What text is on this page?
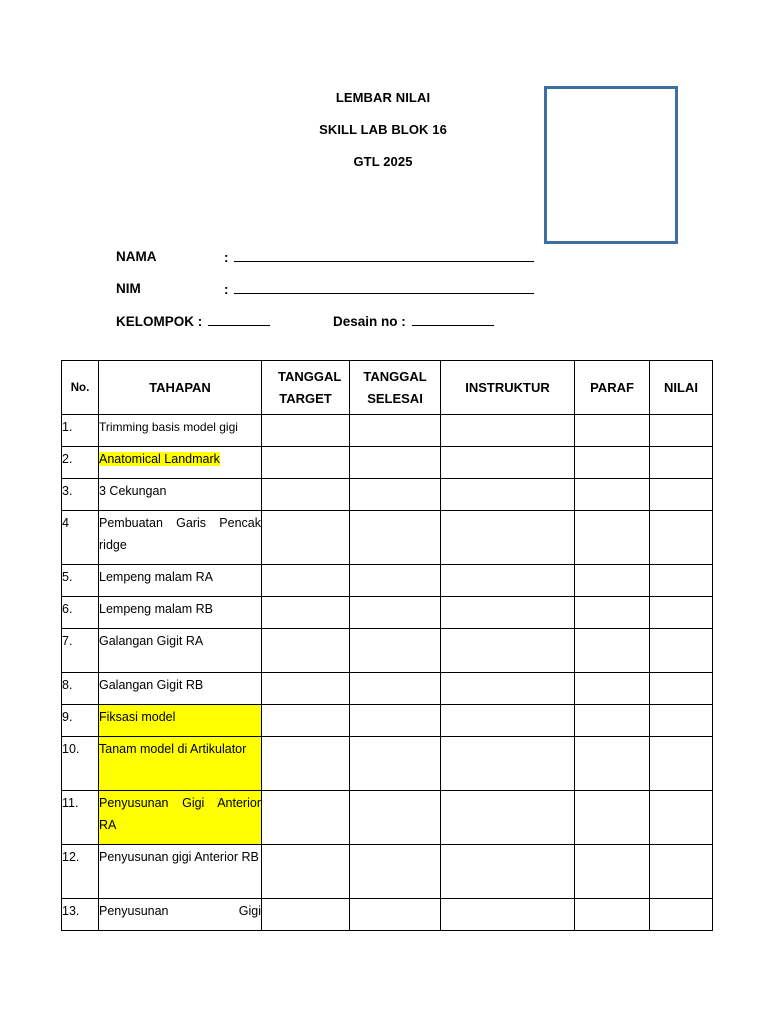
LEMBAR NILAI
SKILL LAB BLOK 16
GTL 2025
NAMA	:
NIM	:
KELOMPOK :	Desain no :
No.	TAHAPAN	TANGGAL TARGET	TANGGAL SELESAI	INSTRUKTUR	PARAF	NILAI
1.	Trimming basis model gigi					
2.	Anatomical Landmark					
3.	3 Cekungan					
4	Pembuatan Garis Pencak ridge					
5.	Lempeng malam RA					
6.	Lempeng malam RB					
7.	Galangan Gigit RA					
8.	Galangan Gigit RB					
9.	Fiksasi model					
10.	Tanam model di Artikulator					
11.	Penyusunan Gigi Anterior RA					
12.	Penyusunan gigi Anterior RB					
13.	Penyusunan Gigi					
